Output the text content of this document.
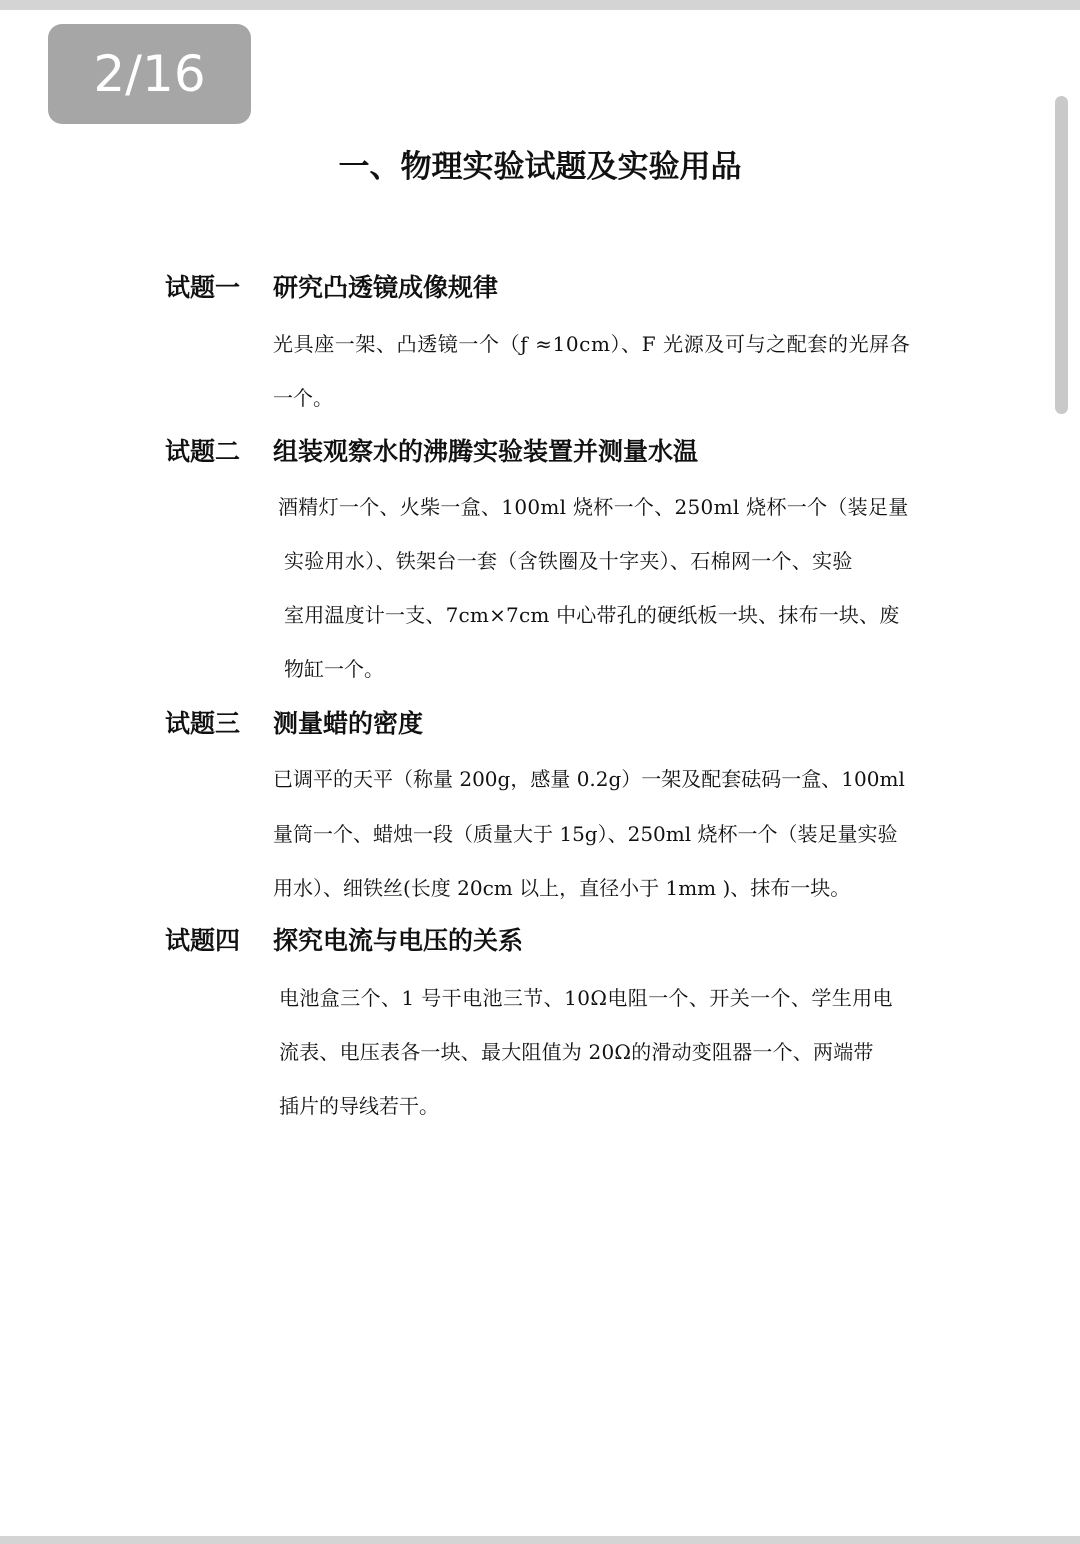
2/16
一、物理实验试题及实验用品
试题一 研究凸透镜成像规律
光具座一架、凸透镜一个（ƒ ≈10cm）、F 光源及可与之配套的光屏各
一个。
试题二 组装观察水的沸腾实验装置并测量水温
酒精灯一个、火柴一盒、100ml 烧杯一个、250ml 烧杯一个（装足量
实验用水）、铁架台一套（含铁圈及十字夹）、石棉网一个、实验
室用温度计一支、7cm×7cm 中心带孔的硬纸板一块、抹布一块、废
物缸一个。
试题三 测量蜡的密度
已调平的天平（称量 200g，感量 0.2g）一架及配套砝码一盒、100ml
量筒一个、蜡烛一段（质量大于 15g）、250ml 烧杯一个（装足量实验
用水）、细铁丝(长度 20cm 以上，直径小于 1mm )、抹布一块。
试题四 探究电流与电压的关系
电池盒三个、1 号干电池三节、10Ω电阻一个、开关一个、学生用电
流表、电压表各一块、最大阻值为 20Ω的滑动变阻器一个、两端带
插片的导线若干。
